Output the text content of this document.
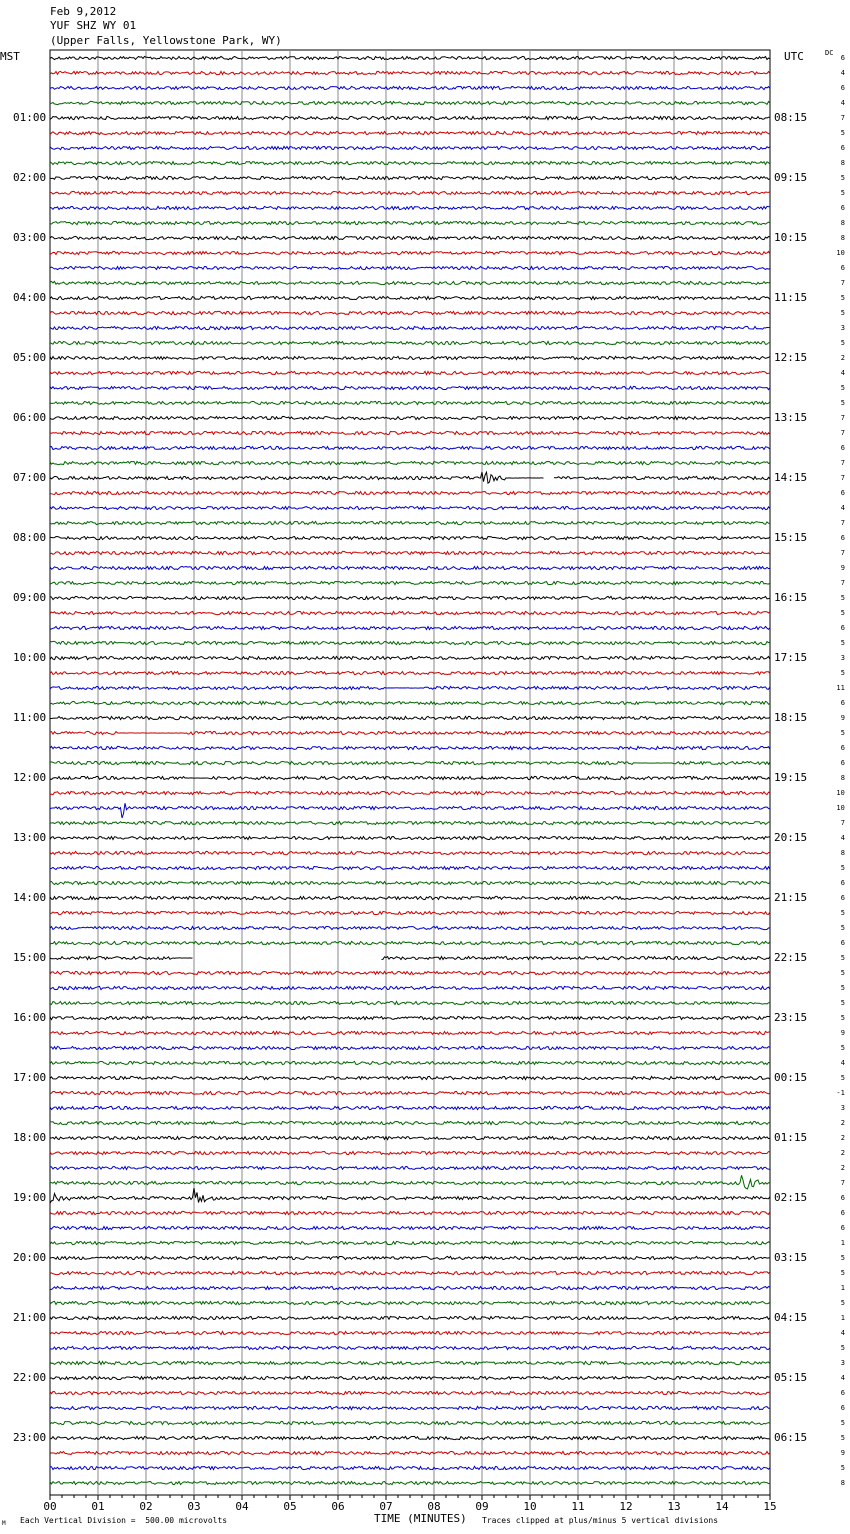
Feb 9,2012
YUF SHZ WY 01
(Upper Falls, Yellowstone Park, WY)
MST	UTC	DC
00	01	02	03	04	05	06	07	08	09	10	11	12	13	14	15
01:00
02:00
03:00
04:00
05:00
06:00
07:00
08:00
09:00
10:00
11:00
12:00
13:00
14:00
15:00
16:00
17:00
18:00
19:00
20:00
21:00
22:00
23:00
08:15
09:15
10:15
11:15
12:15
13:15
14:15
15:15
16:15
17:15
18:15
19:15
20:15
21:15
22:15
23:15
00:15
01:15
02:15
03:15
04:15
05:15
06:15
6
4
6
4
7
5
6
8
5
5
6
8
8
10
6
7
5
5
3
5
2
4
5
5
7
7
6
7
7
6
4
7
6
7
9
7
5
5
6
5
3
5
11
6
9
5
6
6
8
10
10
7
4
8
5
6
6
5
5
6
5
5
5
5
5
9
5
4
5
-1
3
2
2
2
2
7
6
6
6
1
5
5
1
5
1
4
5
3
4
6
6
5
5
9
5
8
TIME (MINUTES)
Each Vertical Division =  500.00 microvolts	Traces clipped at plus/minus 5 vertical divisions
M
